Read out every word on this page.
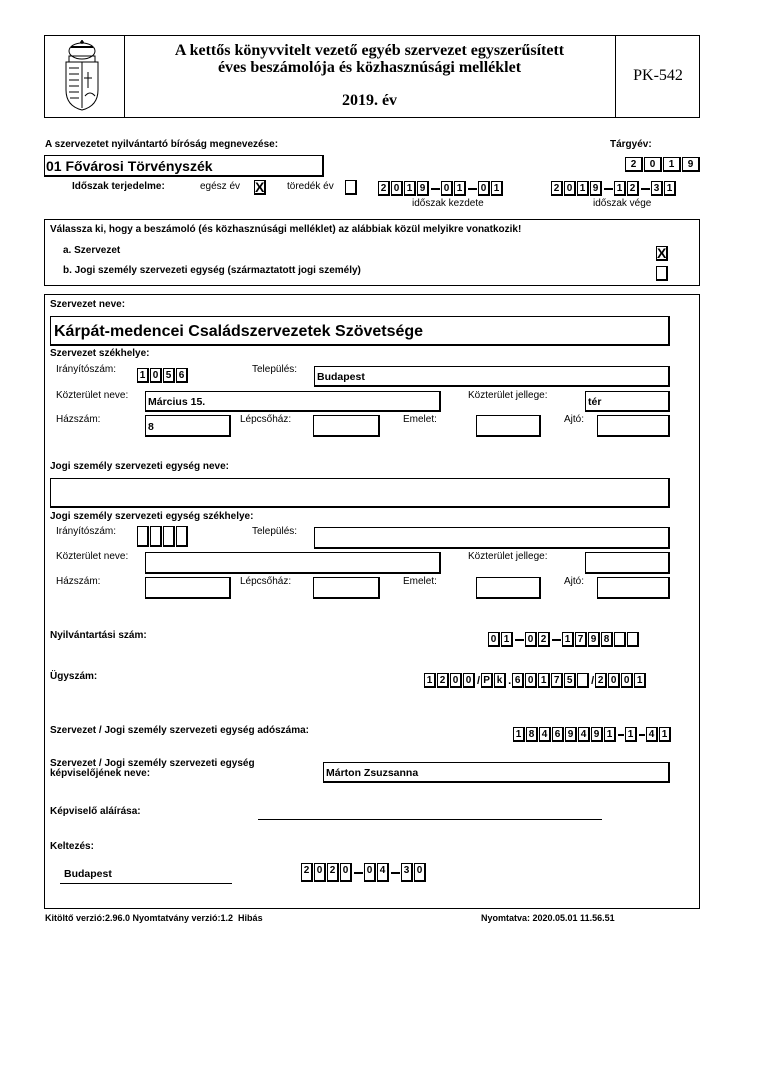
A kettős könyvvitelt vezető egyéb szervezet egyszerűsített
éves beszámolója és közhasznúsági melléklet
2019. év
PK-542
A szervezetet nyilvántartó bíróság megnevezése:	Tárgyév:
01 Fővárosi Törvényszék	2	0	1	9
Időszak terjedelme:	egész év X töredék év	2 0 1 9	0 1	0 1
időszak kezdete
2 0 1 9	1 2	3 1
időszak vége
Válassza ki, hogy a beszámoló (és közhasznúsági melléklet) az alábbiak közül melyikre vonatkozik!
a. Szervezet	X
b. Jogi személy szervezeti egység (származtatott jogi személy)
Szervezet neve:
Kárpát-medencei Családszervezetek Szövetsége
Szervezet székhelye:
Irányítószám:
1 0 5 6
Település:
Budapest
Közterület neve:
Március 15.
Közterület jellege:
tér
Házszám:
8
Lépcsőház:	Emelet:	Ajtó:
Jogi személy szervezeti egység neve:
Jogi személy szervezeti egység székhelye:
Irányítószám:	Település:
Közterület neve:	Közterület jellege:
Házszám:	Lépcsőház:	Emelet:	Ajtó:
Nyilvántartási szám:	0 1	0 2	1 7 9 8
Ügyszám:	1 2 0 0 / P k . 6 0 1 7 5	/ 2 0 0 1
Szervezet / Jogi személy szervezeti egység adószáma:	1 8 4 6 9 4 9 1	1	4 1
Szervezet / Jogi személy szervezeti egység
képviselőjének neve:	Márton Zsuzsanna
Képviselő aláírása:
Keltezés:
Budapest	2 0 2 0	0 4	3 0
Kitöltő verzió:2.96.0 Nyomtatvány verzió:1.2  Hibás	Nyomtatva: 2020.05.01 11.56.51
